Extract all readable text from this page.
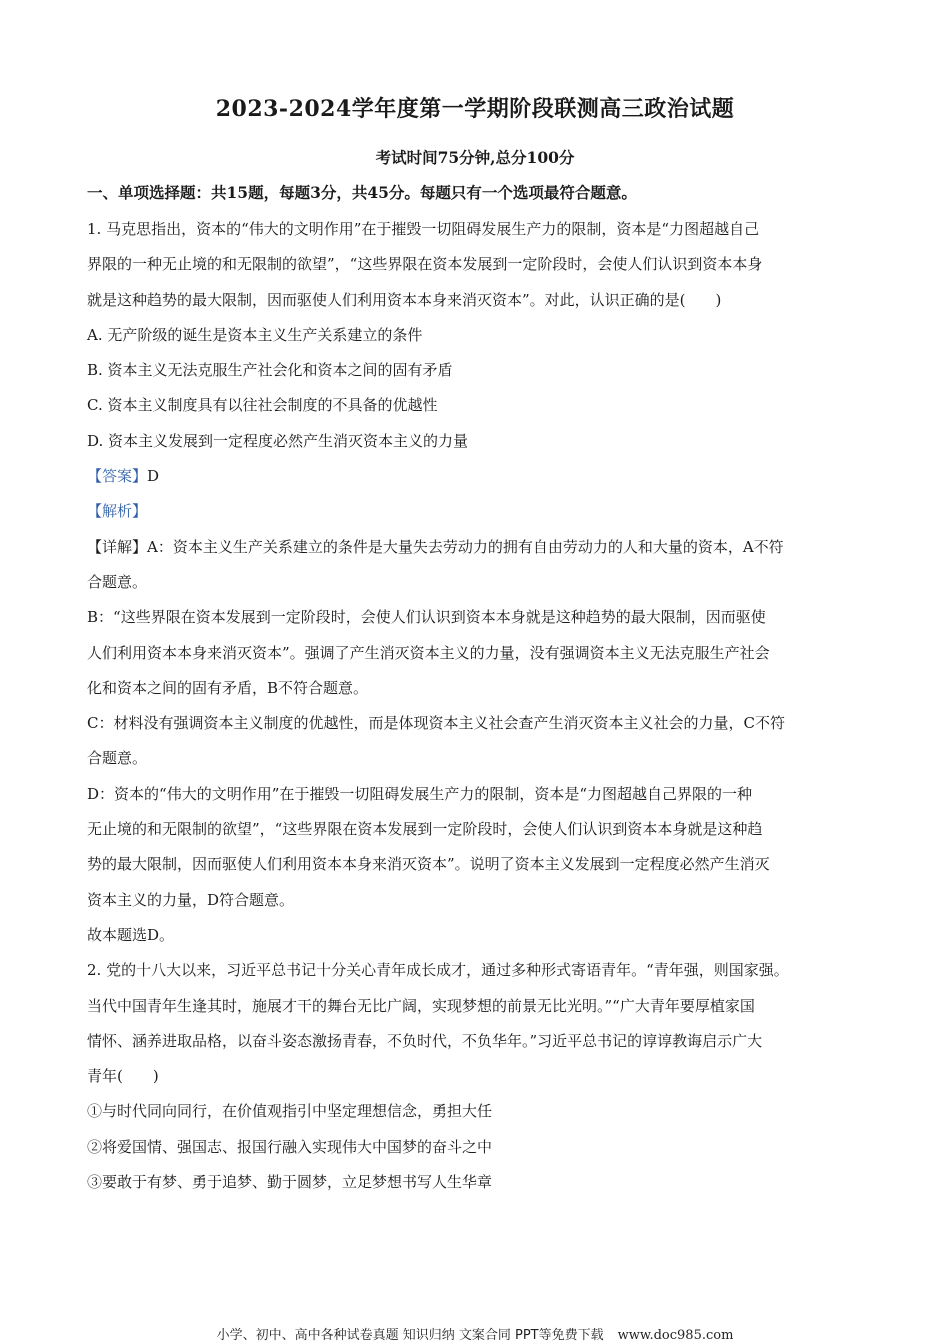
2023-2024学年度第一学期阶段联测高三政治试题
考试时间75分钟,总分100分
一、单项选择题：共15题，每题3分，共45分。每题只有一个选项最符合题意。
1. 马克思指出，资本的“伟大的文明作用”在于摧毁一切阻碍发展生产力的限制，资本是“力图超越自己
界限的一种无止境的和无限制的欲望”，“这些界限在资本发展到一定阶段时，会使人们认识到资本本身
就是这种趋势的最大限制，因而驱使人们利用资本本身来消灭资本”。对此，认识正确的是(　　)
A. 无产阶级的诞生是资本主义生产关系建立的条件
B. 资本主义无法克服生产社会化和资本之间的固有矛盾
C. 资本主义制度具有以往社会制度的不具备的优越性
D. 资本主义发展到一定程度必然产生消灭资本主义的力量
【答案】D
【解析】
【详解】A：资本主义生产关系建立的条件是大量失去劳动力的拥有自由劳动力的人和大量的资本，A不符
合题意。
B：“这些界限在资本发展到一定阶段时，会使人们认识到资本本身就是这种趋势的最大限制，因而驱使
人们利用资本本身来消灭资本”。强调了产生消灭资本主义的力量，没有强调资本主义无法克服生产社会
化和资本之间的固有矛盾，B不符合题意。
C：材料没有强调资本主义制度的优越性，而是体现资本主义社会查产生消灭资本主义社会的力量，C不符
合题意。
D：资本的“伟大的文明作用”在于摧毁一切阻碍发展生产力的限制，资本是“力图超越自己界限的一种
无止境的和无限制的欲望”，“这些界限在资本发展到一定阶段时，会使人们认识到资本本身就是这种趋
势的最大限制，因而驱使人们利用资本本身来消灭资本”。说明了资本主义发展到一定程度必然产生消灭
资本主义的力量，D符合题意。
故本题选D。
2. 党的十八大以来，习近平总书记十分关心青年成长成才，通过多种形式寄语青年。“青年强，则国家强。
当代中国青年生逢其时，施展才干的舞台无比广阔，实现梦想的前景无比光明。”“广大青年要厚植家国
情怀、涵养进取品格，以奋斗姿态激扬青春，不负时代，不负华年。”习近平总书记的谆谆教诲启示广大
青年(　　)
①与时代同向同行，在价值观指引中坚定理想信念，勇担大任
②将爱国情、强国志、报国行融入实现伟大中国梦的奋斗之中
③要敢于有梦、勇于追梦、勤于圆梦，立足梦想书写人生华章
小学、初中、高中各种试卷真题 知识归纳 文案合同 PPT等免费下载 www.doc985.com
